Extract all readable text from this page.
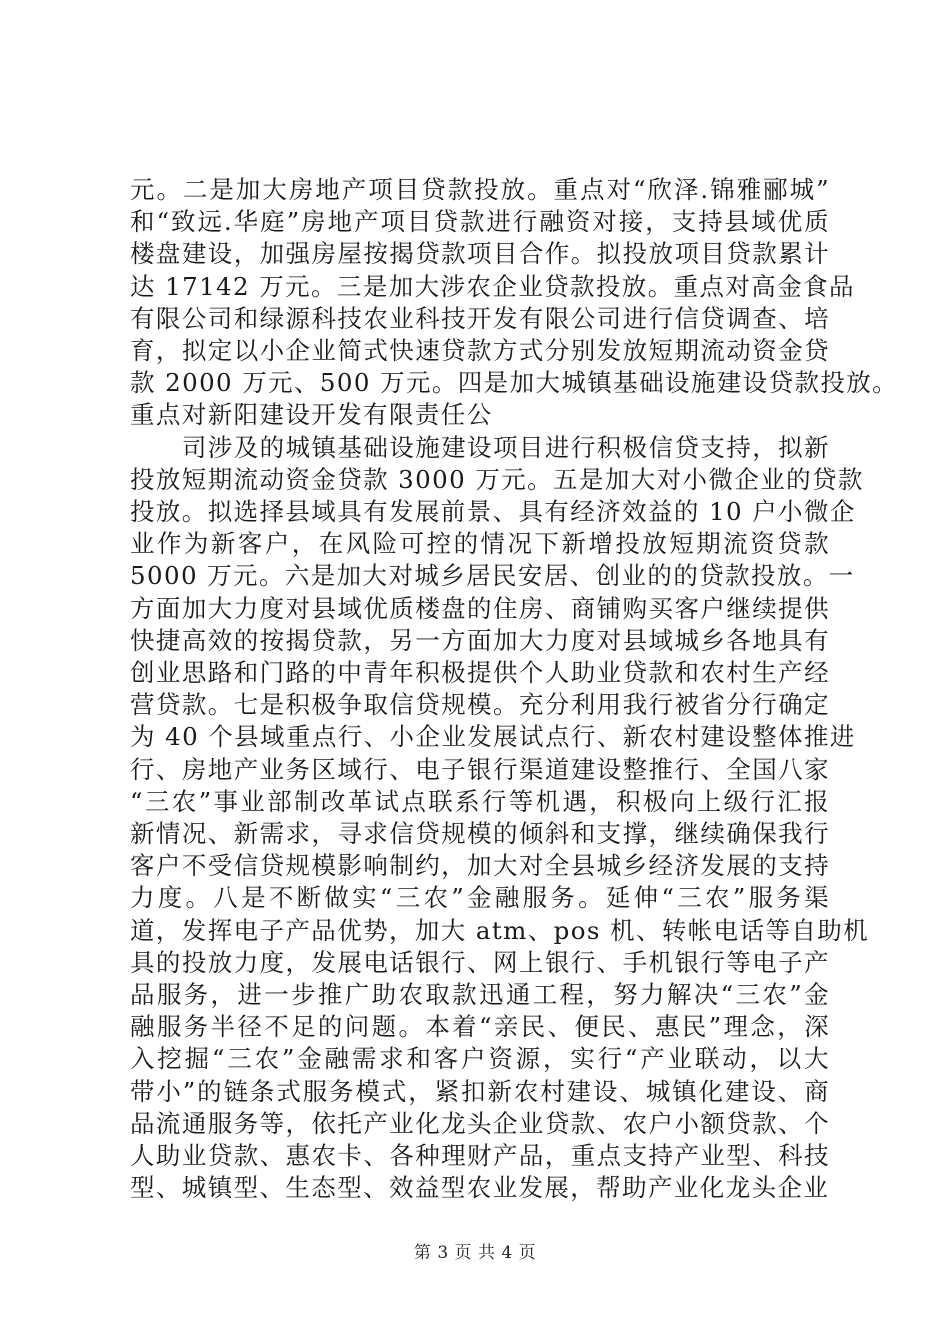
元。二是加大房地产项目贷款投放。重点对“欣泽.锦雅郦城”
和“致远.华庭”房地产项目贷款进行融资对接，支持县域优质
楼盘建设，加强房屋按揭贷款项目合作。拟投放项目贷款累计
达 17142 万元。三是加大涉农企业贷款投放。重点对高金食品
有限公司和绿源科技农业科技开发有限公司进行信贷调查、培
育，拟定以小企业简式快速贷款方式分别发放短期流动资金贷
款 2000 万元、500 万元。四是加大城镇基础设施建设贷款投放。
重点对新阳建设开发有限责任公

　　司涉及的城镇基础设施建设项目进行积极信贷支持，拟新
投放短期流动资金贷款 3000 万元。五是加大对小微企业的贷款
投放。拟选择县域具有发展前景、具有经济效益的 10 户小微企
业作为新客户，在风险可控的情况下新增投放短期流资贷款
5000 万元。六是加大对城乡居民安居、创业的的贷款投放。一
方面加大力度对县域优质楼盘的住房、商铺购买客户继续提供
快捷高效的按揭贷款，另一方面加大力度对县域城乡各地具有
创业思路和门路的中青年积极提供个人助业贷款和农村生产经
营贷款。七是积极争取信贷规模。充分利用我行被省分行确定
为 40 个县域重点行、小企业发展试点行、新农村建设整体推进
行、房地产业务区域行、电子银行渠道建设整推行、全国八家
“三农”事业部制改革试点联系行等机遇，积极向上级行汇报
新情况、新需求，寻求信贷规模的倾斜和支撑，继续确保我行
客户不受信贷规模影响制约，加大对全县城乡经济发展的支持
力度。八是不断做实“三农”金融服务。延伸“三农”服务渠
道，发挥电子产品优势，加大 atm、pos 机、转帐电话等自助机
具的投放力度，发展电话银行、网上银行、手机银行等电子产
品服务，进一步推广助农取款迅通工程，努力解决“三农”金
融服务半径不足的问题。本着“亲民、便民、惠民”理念，深
入挖掘“三农”金融需求和客户资源，实行“产业联动，以大
带小”的链条式服务模式，紧扣新农村建设、城镇化建设、商
品流通服务等，依托产业化龙头企业贷款、农户小额贷款、个
人助业贷款、惠农卡、各种理财产品，重点支持产业型、科技
型、城镇型、生态型、效益型农业发展，帮助产业化龙头企业

第 3 页 共 4 页
